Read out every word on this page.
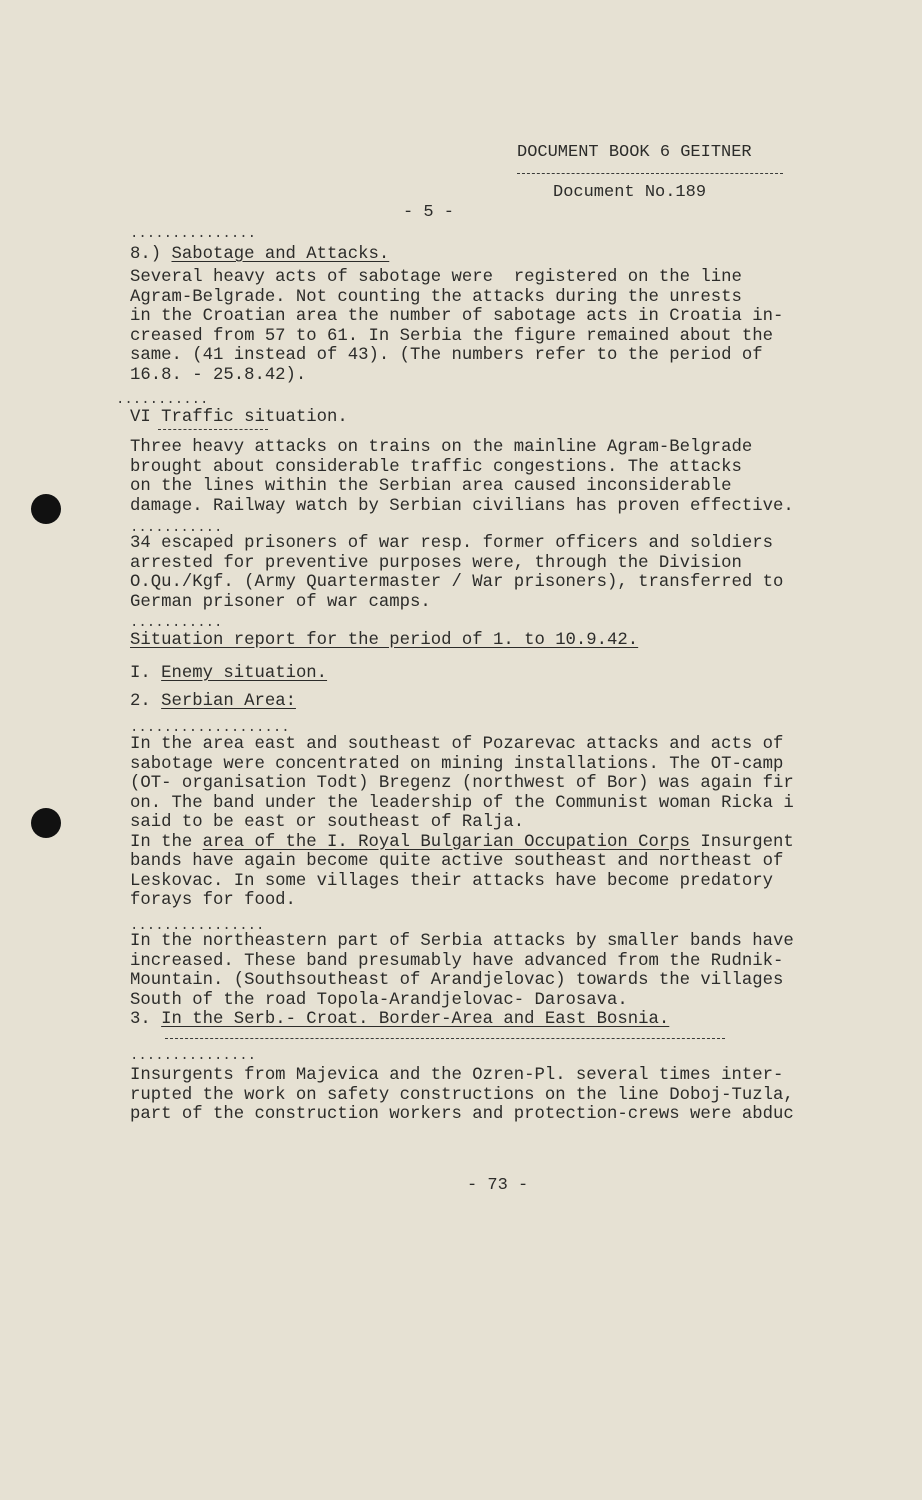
DOCUMENT BOOK 6 GEITNER
Document No.189
- 5 -
...............
8.) Sabotage and Attacks.
Several heavy acts of sabotage were  registered on the line
Agram-Belgrade. Not counting the attacks during the unrests
in the Croatian area the number of sabotage acts in Croatia in-
creased from 57 to 61. In Serbia the figure remained about the
same. (41 instead of 43). (The numbers refer to the period of
16.8. - 25.8.42).
...........
VI Traffic situation.
Three heavy attacks on trains on the mainline Agram-Belgrade
brought about considerable traffic congestions. The attacks
on the lines within the Serbian area caused inconsiderable
damage. Railway watch by Serbian civilians has proven effective.
...........
34 escaped prisoners of war resp. former officers and soldiers
arrested for preventive purposes were, through the Division
O.Qu./Kgf. (Army Quartermaster / War prisoners), transferred to
German prisoner of war camps.
...........
Situation report for the period of 1. to 10.9.42.
I. Enemy situation.
2. Serbian Area:
...................
In the area east and southeast of Pozarevac attacks and acts of
sabotage were concentrated on mining installations. The OT-camp
(OT- organisation Todt) Bregenz (northwest of Bor) was again fir
on. The band under the leadership of the Communist woman Ricka i
said to be east or southeast of Ralja.
In the area of the I. Royal Bulgarian Occupation Corps Insurgent
bands have again become quite active southeast and northeast of
Leskovac. In some villages their attacks have become predatory
forays for food.
................
In the northeastern part of Serbia attacks by smaller bands have
increased. These band presumably have advanced from the Rudnik-
Mountain. (Southsoutheast of Arandjelovac) towards the villages
South of the road Topola-Arandjelovac- Darosava.
3. In the Serb.- Croat. Border-Area and East Bosnia.
...............
Insurgents from Majevica and the Ozren-Pl. several times inter-
rupted the work on safety constructions on the line Doboj-Tuzla,
part of the construction workers and protection-crews were abduc
- 73 -
